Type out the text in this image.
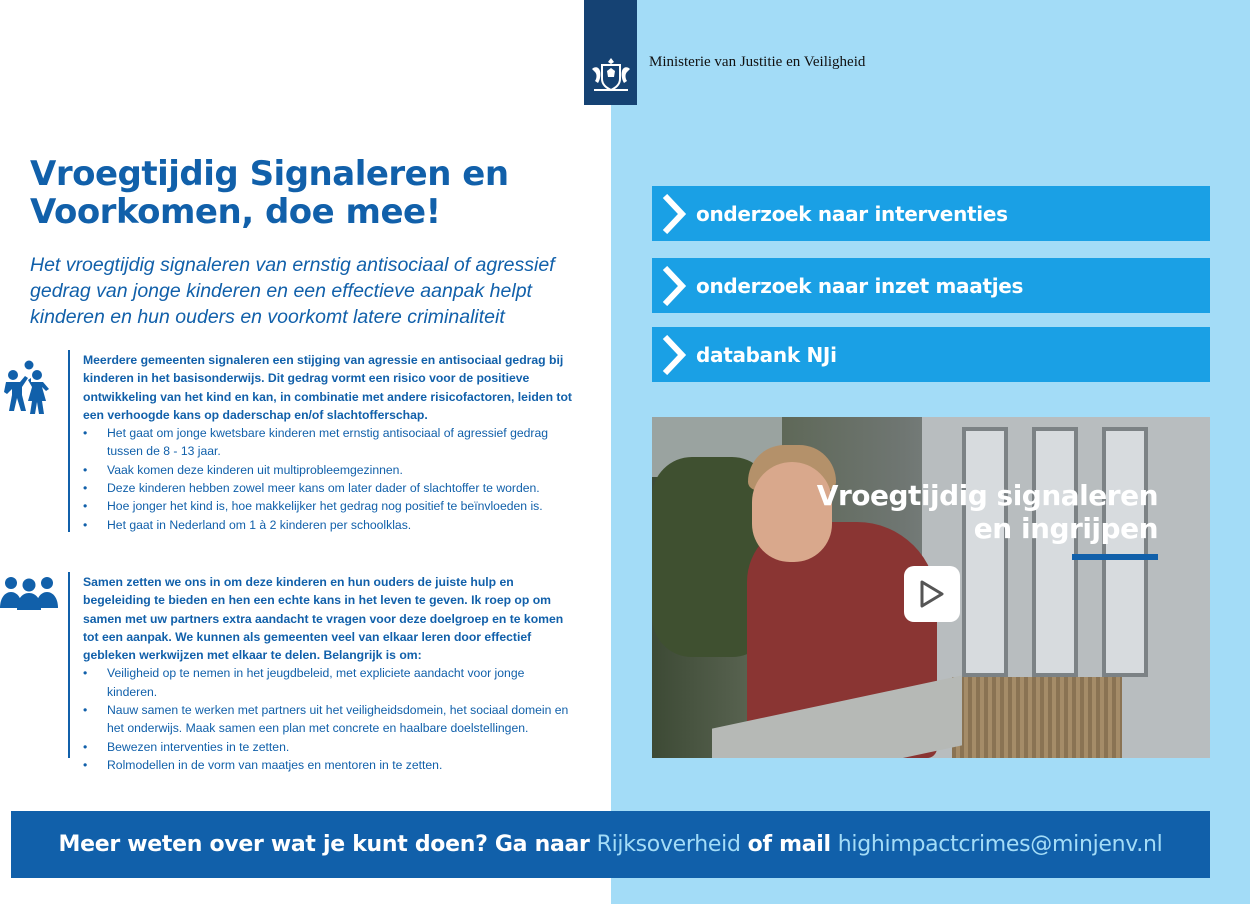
Ministerie van Justitie en Veiligheid
Vroegtijdig Signaleren en Voorkomen, doe mee!

Het vroegtijdig signaleren van ernstig antisociaal of agressief gedrag van jonge kinderen en een effectieve aanpak helpt kinderen en hun ouders en voorkomt latere criminaliteit

Meerdere gemeenten signaleren een stijging van agressie en antisociaal gedrag bij kinderen in het basisonderwijs. Dit gedrag vormt een risico voor de positieve ontwikkeling van het kind en kan, in combinatie met andere risicofactoren, leiden tot een verhoogde kans op daderschap en/of slachtofferschap.

• Het gaat om jonge kwetsbare kinderen met ernstig antisociaal of agressief gedrag tussen de 8 - 13 jaar.
• Vaak komen deze kinderen uit multiprobleemgezinnen.
• Deze kinderen hebben zowel meer kans om later dader of slachtoffer te worden.
• Hoe jonger het kind is, hoe makkelijker het gedrag nog positief te beïnvloeden is.
• Het gaat in Nederland om 1 à 2 kinderen per schoolklas.

Samen zetten we ons in om deze kinderen en hun ouders de juiste hulp en begeleiding te bieden en hen een echte kans in het leven te geven. Ik roep op om samen met uw partners extra aandacht te vragen voor deze doelgroep en te komen tot een aanpak. We kunnen als gemeenten veel van elkaar leren door effectief gebleken werkwijzen met elkaar te delen. Belangrijk is om:

• Veiligheid op te nemen in het jeugdbeleid, met expliciete aandacht voor jonge kinderen.
• Nauw samen te werken met partners uit het veiligheidsdomein, het sociaal domein en het onderwijs. Maak samen een plan met concrete en haalbare doelstellingen.
• Bewezen interventies in te zetten.
• Rolmodellen in de vorm van maatjes en mentoren in te zetten.
onderzoek naar interventies
onderzoek naar inzet maatjes
databank NJi
Vroegtijdig signaleren
en ingrijpen
Meer weten over wat je kunt doen? Ga naar Rijksoverheid of mail highimpactcrimes@minjenv.nl
